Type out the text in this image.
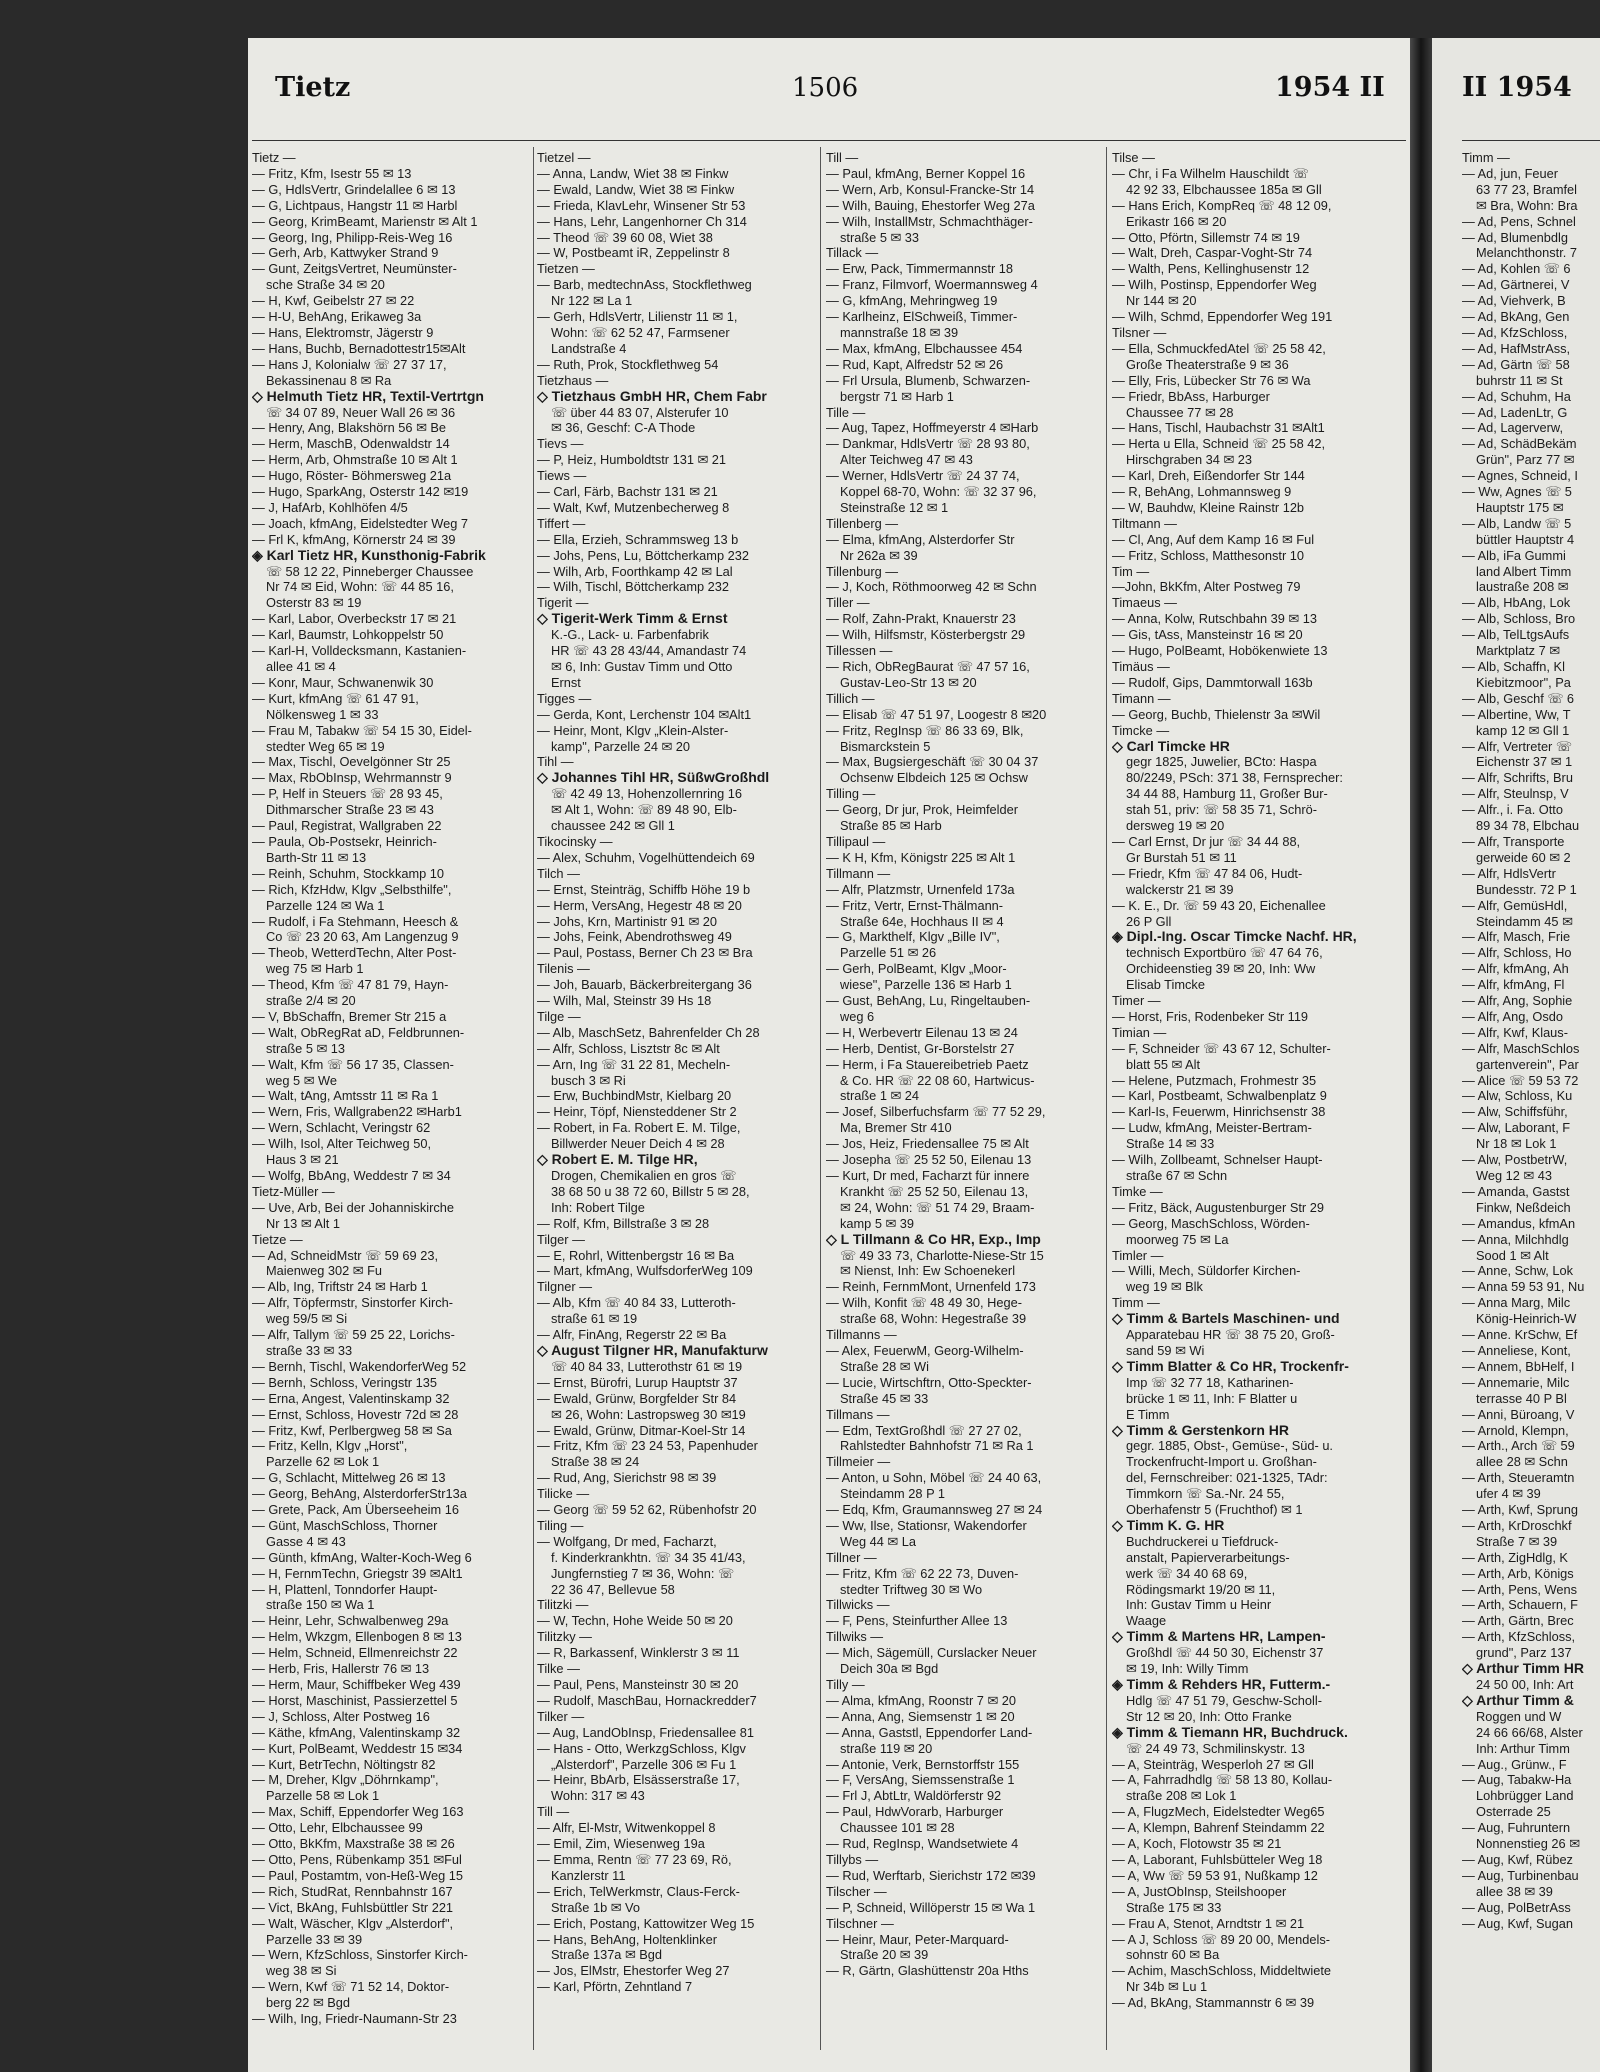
Tietz	1506	1954 II	II 1954
Tietz —
— Fritz, Kfm, Isestr 55 ✉ 13
— G, HdlsVertr, Grindelallee 6 ✉ 13
— G, Lichtpaus, Hangstr 11 ✉ Harbl
— Georg, KrimBeamt, Marienstr ✉ Alt 1
— Georg, Ing, Philipp-Reis-Weg 16
— Gerh, Arb, Kattwyker Strand 9
— Gunt, ZeitgsVertret, Neumünster-
sche Straße 34 ✉ 20
— H, Kwf, Geibelstr 27 ✉ 22
— H-U, BehAng, Erikaweg 3a
— Hans, Elektromstr, Jägerstr 9
— Hans, Buchb, Bernadottestr15✉Alt
— Hans J, Kolonialw ☏ 27 37 17,
Bekassinenau 8 ✉ Ra
◇ Helmuth Tietz HR, Textil-Vertrtgn
☏ 34 07 89, Neuer Wall 26 ✉ 36
— Henry, Ang, Blakshörn 56 ✉ Be
— Herm, MaschB, Odenwaldstr 14
— Herm, Arb, Ohmstraße 10 ✉ Alt 1
— Hugo, Röster- Böhmersweg 21a
— Hugo, SparkAng, Osterstr 142 ✉19
— J, HafArb, Kohlhöfen 4/5
— Joach, kfmAng, Eidelstedter Weg 7
— Frl K, kfmAng, Körnerstr 24 ✉ 39
◈ Karl Tietz HR, Kunsthonig-Fabrik
☏ 58 12 22, Pinneberger Chaussee
Nr 74 ✉ Eid, Wohn: ☏ 44 85 16,
Osterstr 83 ✉ 19
— Karl, Labor, Overbeckstr 17 ✉ 21
— Karl, Baumstr, Lohkoppelstr 50
— Karl-H, Volldecksmann, Kastanien-
allee 41 ✉ 4
— Konr, Maur, Schwanenwik 30
— Kurt, kfmAng ☏ 61 47 91,
Nölkensweg 1 ✉ 33
— Frau M, Tabakw ☏ 54 15 30, Eidel-
stedter Weg 65 ✉ 19
— Max, Tischl, Oevelgönner Str 25
— Max, RbObInsp, Wehrmannstr 9
— P, Helf in Steuers ☏ 28 93 45,
Dithmarscher Straße 23 ✉ 43
— Paul, Registrat, Wallgraben 22
— Paula, Ob-Postsekr, Heinrich-
Barth-Str 11 ✉ 13
— Reinh, Schuhm, Stockkamp 10
— Rich, KfzHdw, Klgv „Selbsthilfe",
Parzelle 124 ✉ Wa 1
— Rudolf, i Fa Stehmann, Heesch &
Co ☏ 23 20 63, Am Langenzug 9
— Theob, WetterdTechn, Alter Post-
weg 75 ✉ Harb 1
— Theod, Kfm ☏ 47 81 79, Hayn-
straße 2/4 ✉ 20
— V, BbSchaffn, Bremer Str 215 a
— Walt, ObRegRat aD, Feldbrunnen-
straße 5 ✉ 13
— Walt, Kfm ☏ 56 17 35, Classen-
weg 5 ✉ We
— Walt, tAng, Amtsstr 11 ✉ Ra 1
— Wern, Fris, Wallgraben22 ✉Harb1
— Wern, Schlacht, Veringstr 62
— Wilh, Isol, Alter Teichweg 50,
Haus 3 ✉ 21
— Wolfg, BbAng, Weddestr 7 ✉ 34
Tietz-Müller —
— Uve, Arb, Bei der Johanniskirche
Nr 13 ✉ Alt 1
Tietze —
— Ad, SchneidMstr ☏ 59 69 23,
Maienweg 302 ✉ Fu
— Alb, Ing, Triftstr 24 ✉ Harb 1
— Alfr, Töpfermstr, Sinstorfer Kirch-
weg 59/5 ✉ Si
— Alfr, Tallym ☏ 59 25 22, Lorichs-
straße 33 ✉ 33
— Bernh, Tischl, WakendorferWeg 52
— Bernh, Schloss, Veringstr 135
— Erna, Angest, Valentinskamp 32
— Ernst, Schloss, Hovestr 72d ✉ 28
— Fritz, Kwf, Perlbergweg 58 ✉ Sa
— Fritz, Kelln, Klgv „Horst",
Parzelle 62 ✉ Lok 1
— G, Schlacht, Mittelweg 26 ✉ 13
— Georg, BehAng, AlsterdorferStr13a
— Grete, Pack, Am Überseeheim 16
— Günt, MaschSchloss, Thorner
Gasse 4 ✉ 43
— Günth, kfmAng, Walter-Koch-Weg 6
— H, FernmTechn, Griegstr 39 ✉Alt1
— H, Plattenl, Tonndorfer Haupt-
straße 150 ✉ Wa 1
— Heinr, Lehr, Schwalbenweg 29a
— Helm, Wkzgm, Ellenbogen 8 ✉ 13
— Helm, Schneid, Ellmenreichstr 22
— Herb, Fris, Hallerstr 76 ✉ 13
— Herm, Maur, Schiffbeker Weg 439
— Horst, Maschinist, Passierzettel 5
— J, Schloss, Alter Postweg 16
— Käthe, kfmAng, Valentinskamp 32
— Kurt, PolBeamt, Weddestr 15 ✉34
— Kurt, BetrTechn, Nöltingstr 82
— M, Dreher, Klgv „Döhrnkamp",
Parzelle 58 ✉ Lok 1
— Max, Schiff, Eppendorfer Weg 163
— Otto, Lehr, Elbchaussee 99
— Otto, BkKfm, Maxstraße 38 ✉ 26
— Otto, Pens, Rübenkamp 351 ✉Ful
— Paul, Postamtm, von-Heß-Weg 15
— Rich, StudRat, Rennbahnstr 167
— Vict, BkAng, Fuhlsbüttler Str 221
— Walt, Wäscher, Klgv „Alsterdorf",
Parzelle 33 ✉ 39
— Wern, KfzSchloss, Sinstorfer Kirch-
weg 38 ✉ Si
— Wern, Kwf ☏ 71 52 14, Doktor-
berg 22 ✉ Bgd
— Wilh, Ing, Friedr-Naumann-Str 23
Tietzel —
— Anna, Landw, Wiet 38 ✉ Finkw
— Ewald, Landw, Wiet 38 ✉ Finkw
— Frieda, KlavLehr, Winsener Str 53
— Hans, Lehr, Langenhorner Ch 314
— Theod ☏ 39 60 08, Wiet 38
— W, Postbeamt iR, Zeppelinstr 8
Tietzen —
— Barb, medtechnAss, Stockflethweg
Nr 122 ✉ La 1
— Gerh, HdlsVertr, Lilienstr 11 ✉ 1,
Wohn: ☏ 62 52 47, Farmsener
Landstraße 4
— Ruth, Prok, Stockflethweg 54
Tietzhaus —
◇ Tietzhaus GmbH HR, Chem Fabr
☏ über 44 83 07, Alsterufer 10
✉ 36, Geschf: C-A Thode
Tievs —
— P, Heiz, Humboldtstr 131 ✉ 21
Tiews —
— Carl, Färb, Bachstr 131 ✉ 21
— Walt, Kwf, Mutzenbecherweg 8
Tiffert —
— Ella, Erzieh, Schrammsweg 13 b
— Johs, Pens, Lu, Böttcherkamp 232
— Wilh, Arb, Foorthkamp 42 ✉ Lal
— Wilh, Tischl, Böttcherkamp 232
Tigerit —
◇ Tigerit-Werk Timm & Ernst
K.-G., Lack- u. Farbenfabrik
HR ☏ 43 28 43/44, Amandastr 74
✉ 6, Inh: Gustav Timm und Otto
Ernst
Tigges —
— Gerda, Kont, Lerchenstr 104 ✉Alt1
— Heinr, Mont, Klgv „Klein-Alster-
kamp", Parzelle 24 ✉ 20
Tihl —
◇ Johannes Tihl HR, SüßwGroßhdl
☏ 42 49 13, Hohenzollernring 16
✉ Alt 1, Wohn: ☏ 89 48 90, Elb-
chaussee 242 ✉ Gll 1
Tikocinsky —
— Alex, Schuhm, Vogelhüttendeich 69
Tilch —
— Ernst, Steinträg, Schiffb Höhe 19 b
— Herm, VersAng, Hegestr 48 ✉ 20
— Johs, Krn, Martinistr 91 ✉ 20
— Johs, Feink, Abendrothsweg 49
— Paul, Postass, Berner Ch 23 ✉ Bra
Tilenis —
— Joh, Bauarb, Bäckerbreitergang 36
— Wilh, Mal, Steinstr 39 Hs 18
Tilge —
— Alb, MaschSetz, Bahrenfelder Ch 28
— Alfr, Schloss, Lisztstr 8c ✉ Alt
— Arn, Ing ☏ 31 22 81, Mecheln-
busch 3 ✉ Ri
— Erw, BuchbindMstr, Kielbarg 20
— Heinr, Töpf, Niensteddener Str 2
— Robert, in Fa. Robert E. M. Tilge,
Billwerder Neuer Deich 4 ✉ 28
◇ Robert E. M. Tilge HR,
Drogen, Chemikalien en gros ☏
38 68 50 u 38 72 60, Billstr 5 ✉ 28,
Inh: Robert Tilge
— Rolf, Kfm, Billstraße 3 ✉ 28
Tilger —
— E, Rohrl, Wittenbergstr 16 ✉ Ba
— Mart, kfmAng, WulfsdorferWeg 109
Tilgner —
— Alb, Kfm ☏ 40 84 33, Lutteroth-
straße 61 ✉ 19
— Alfr, FinAng, Regerstr 22 ✉ Ba
◇ August Tilgner HR, Manufakturw
☏ 40 84 33, Lutterothstr 61 ✉ 19
— Ernst, Bürofri, Lurup Hauptstr 37
— Ewald, Grünw, Borgfelder Str 84
✉ 26, Wohn: Lastropsweg 30 ✉19
— Ewald, Grünw, Ditmar-Koel-Str 14
— Fritz, Kfm ☏ 23 24 53, Papenhuder
Straße 38 ✉ 24
— Rud, Ang, Sierichstr 98 ✉ 39
Tilicke —
— Georg ☏ 59 52 62, Rübenhofstr 20
Tiling —
— Wolfgang, Dr med, Facharzt,
f. Kinderkrankhtn. ☏ 34 35 41/43,
Jungfernstieg 7 ✉ 36, Wohn: ☏
22 36 47, Bellevue 58
Tilitzki —
— W, Techn, Hohe Weide 50 ✉ 20
Tilitzky —
— R, Barkassenf, Winklerstr 3 ✉ 11
Tilke —
— Paul, Pens, Mansteinstr 30 ✉ 20
— Rudolf, MaschBau, Hornackredder7
Tilker —
— Aug, LandObInsp, Friedensallee 81
— Hans - Otto, WerkzgSchloss, Klgv
„Alsterdorf", Parzelle 306 ✉ Fu 1
— Heinr, BbArb, Elsässerstraße 17,
Wohn: 317 ✉ 43
Till —
— Alfr, El-Mstr, Witwenkoppel 8
— Emil, Zim, Wiesenweg 19a
— Emma, Rentn ☏ 77 23 69, Rö,
Kanzlerstr 11
— Erich, TelWerkmstr, Claus-Ferck-
Straße 1b ✉ Vo
— Erich, Postang, Kattowitzer Weg 15
— Hans, BehAng, Holtenklinker
Straße 137a ✉ Bgd
— Jos, ElMstr, Ehestorfer Weg 27
— Karl, Pförtn, Zehntland 7
Till —
— Paul, kfmAng, Berner Koppel 16
— Wern, Arb, Konsul-Francke-Str 14
— Wilh, Bauing, Ehestorfer Weg 27a
— Wilh, InstallMstr, Schmachthäger-
straße 5 ✉ 33
Tillack —
— Erw, Pack, Timmermannstr 18
— Franz, Filmvorf, Woermannsweg 4
— G, kfmAng, Mehringweg 19
— Karlheinz, ElSchweiß, Timmer-
mannstraße 18 ✉ 39
— Max, kfmAng, Elbchaussee 454
— Rud, Kapt, Alfredstr 52 ✉ 26
— Frl Ursula, Blumenb, Schwarzen-
bergstr 71 ✉ Harb 1
Tille —
— Aug, Tapez, Hoffmeyerstr 4 ✉Harb
— Dankmar, HdlsVertr ☏ 28 93 80,
Alter Teichweg 47 ✉ 43
— Werner, HdlsVertr ☏ 24 37 74,
Koppel 68-70, Wohn: ☏ 32 37 96,
Steinstraße 12 ✉ 1
Tillenberg —
— Elma, kfmAng, Alsterdorfer Str
Nr 262a ✉ 39
Tillenburg —
— J, Koch, Röthmoorweg 42 ✉ Schn
Tiller —
— Rolf, Zahn-Prakt, Knauerstr 23
— Wilh, Hilfsmstr, Kösterbergstr 29
Tillessen —
— Rich, ObRegBaurat ☏ 47 57 16,
Gustav-Leo-Str 13 ✉ 20
Tillich —
— Elisab ☏ 47 51 97, Loogestr 8 ✉20
— Fritz, RegInsp ☏ 86 33 69, Blk,
Bismarckstein 5
— Max, Bugsiergeschäft ☏ 30 04 37
Ochsenw Elbdeich 125 ✉ Ochsw
Tilling —
— Georg, Dr jur, Prok, Heimfelder
Straße 85 ✉ Harb
Tillipaul —
— K H, Kfm, Königstr 225 ✉ Alt 1
Tillmann —
— Alfr, Platzmstr, Urnenfeld 173a
— Fritz, Vertr, Ernst-Thälmann-
Straße 64e, Hochhaus II ✉ 4
— G, Markthelf, Klgv „Bille IV",
Parzelle 51 ✉ 26
— Gerh, PolBeamt, Klgv „Moor-
wiese", Parzelle 136 ✉ Harb 1
— Gust, BehAng, Lu, Ringeltauben-
weg 6
— H, Werbevertr Eilenau 13 ✉ 24
— Herb, Dentist, Gr-Borstelstr 27
— Herm, i Fa Stauereibetrieb Paetz
& Co. HR ☏ 22 08 60, Hartwicus-
straße 1 ✉ 24
— Josef, Silberfuchsfarm ☏ 77 52 29,
Ma, Bremer Str 410
— Jos, Heiz, Friedensallee 75 ✉ Alt
— Josepha ☏ 25 52 50, Eilenau 13
— Kurt, Dr med, Facharzt für innere
Krankht ☏ 25 52 50, Eilenau 13,
✉ 24, Wohn: ☏ 51 74 29, Braam-
kamp 5 ✉ 39
◇ L Tillmann & Co HR, Exp., Imp
☏ 49 33 73, Charlotte-Niese-Str 15
✉ Nienst, Inh: Ew Schoenekerl
— Reinh, FernmMont, Urnenfeld 173
— Wilh, Konfit ☏ 48 49 30, Hege-
straße 68, Wohn: Hegestraße 39
Tillmanns —
— Alex, FeuerwM, Georg-Wilhelm-
Straße 28 ✉ Wi
— Lucie, Wirtschftrn, Otto-Speckter-
Straße 45 ✉ 33
Tillmans —
— Edm, TextGroßhdl ☏ 27 27 02,
Rahlstedter Bahnhofstr 71 ✉ Ra 1
Tillmeier —
— Anton, u Sohn, Möbel ☏ 24 40 63,
Steindamm 28 P 1
— Edq, Kfm, Graumannsweg 27 ✉ 24
— Ww, Ilse, Stationsr, Wakendorfer
Weg 44 ✉ La
Tillner —
— Fritz, Kfm ☏ 62 22 73, Duven-
stedter Triftweg 30 ✉ Wo
Tillwicks —
— F, Pens, Steinfurther Allee 13
Tillwiks —
— Mich, Sägemüll, Curslacker Neuer
Deich 30a ✉ Bgd
Tilly —
— Alma, kfmAng, Roonstr 7 ✉ 20
— Anna, Ang, Siemsenstr 1 ✉ 20
— Anna, Gaststl, Eppendorfer Land-
straße 119 ✉ 20
— Antonie, Verk, Bernstorffstr 155
— F, VersAng, Siemssenstraße 1
— Frl J, AbtLtr, Waldörferstr 92
— Paul, HdwVorarb, Harburger
Chaussee 101 ✉ 28
— Rud, RegInsp, Wandsetwiete 4
Tillybs —
— Rud, Werftarb, Sierichstr 172 ✉39
Tilscher —
— P, Schneid, Willöperstr 15 ✉ Wa 1
Tilschner —
— Heinr, Maur, Peter-Marquard-
Straße 20 ✉ 39
— R, Gärtn, Glashüttenstr 20a Hths
Tilse —
— Chr, i Fa Wilhelm Hauschildt ☏
42 92 33, Elbchaussee 185a ✉ Gll
— Hans Erich, KompReq ☏ 48 12 09,
Erikastr 166 ✉ 20
— Otto, Pförtn, Sillemstr 74 ✉ 19
— Walt, Dreh, Caspar-Voght-Str 74
— Walth, Pens, Kellinghusenstr 12
— Wilh, Postinsp, Eppendorfer Weg
Nr 144 ✉ 20
— Wilh, Schmd, Eppendorfer Weg 191
Tilsner —
— Ella, SchmuckfedAtel ☏ 25 58 42,
Große Theaterstraße 9 ✉ 36
— Elly, Fris, Lübecker Str 76 ✉ Wa
— Friedr, BbAss, Harburger
Chaussee 77 ✉ 28
— Hans, Tischl, Haubachstr 31 ✉Alt1
— Herta u Ella, Schneid ☏ 25 58 42,
Hirschgraben 34 ✉ 23
— Karl, Dreh, Eißendorfer Str 144
— R, BehAng, Lohmannsweg 9
— W, Bauhdw, Kleine Rainstr 12b
Tiltmann —
— Cl, Ang, Auf dem Kamp 16 ✉ Ful
— Fritz, Schloss, Matthesonstr 10
Tim —
—John, BkKfm, Alter Postweg 79
Timaeus —
— Anna, Kolw, Rutschbahn 39 ✉ 13
— Gis, tAss, Mansteinstr 16 ✉ 20
— Hugo, PolBeamt, Hobökenwiete 13
Timäus —
— Rudolf, Gips, Dammtorwall 163b
Timann —
— Georg, Buchb, Thielenstr 3a ✉Wil
Timcke —
◇ Carl Timcke HR
gegr 1825, Juwelier, BCto: Haspa
80/2249, PSch: 371 38, Fernsprecher:
34 44 88, Hamburg 11, Großer Bur-
stah 51, priv: ☏ 58 35 71, Schrö-
dersweg 19 ✉ 20
— Carl Ernst, Dr jur ☏ 34 44 88,
Gr Burstah 51 ✉ 11
— Friedr, Kfm ☏ 47 84 06, Hudt-
walckerstr 21 ✉ 39
— K. E., Dr. ☏ 59 43 20, Eichenallee
26 P Gll
◈ Dipl.-Ing. Oscar Timcke Nachf. HR,
technisch Exportbüro ☏ 47 64 76,
Orchideenstieg 39 ✉ 20, Inh: Ww
Elisab Timcke
Timer —
— Horst, Fris, Rodenbeker Str 119
Timian —
— F, Schneider ☏ 43 67 12, Schulter-
blatt 55 ✉ Alt
— Helene, Putzmach, Frohmestr 35
— Karl, Postbeamt, Schwalbenplatz 9
— Karl-Is, Feuerwm, Hinrichsenstr 38
— Ludw, kfmAng, Meister-Bertram-
Straße 14 ✉ 33
— Wilh, Zollbeamt, Schnelser Haupt-
straße 67 ✉ Schn
Timke —
— Fritz, Bäck, Augustenburger Str 29
— Georg, MaschSchloss, Wörden-
moorweg 75 ✉ La
Timler —
— Willi, Mech, Süldorfer Kirchen-
weg 19 ✉ Blk
Timm —
◇ Timm & Bartels Maschinen- und
Apparatebau HR ☏ 38 75 20, Groß-
sand 59 ✉ Wi
◇ Timm Blatter & Co HR, Trockenfr-
Imp ☏ 32 77 18, Katharinen-
brücke 1 ✉ 11, Inh: F Blatter u
E Timm
◇ Timm & Gerstenkorn HR
gegr. 1885, Obst-, Gemüse-, Süd- u.
Trockenfrucht-Import u. Großhan-
del, Fernschreiber: 021-1325, TAdr:
Timmkorn ☏ Sa.-Nr. 24 55,
Oberhafenstr 5 (Fruchthof) ✉ 1
◇ Timm K. G. HR
Buchdruckerei u Tiefdruck-
anstalt, Papierverarbeitungs-
werk ☏ 34 40 68 69,
Rödingsmarkt 19/20 ✉ 11,
Inh: Gustav Timm u Heinr
Waage
◇ Timm & Martens HR, Lampen-
Großhdl ☏ 44 50 30, Eichenstr 37
✉ 19, Inh: Willy Timm
◈ Timm & Rehders HR, Futterm.-
Hdlg ☏ 47 51 79, Geschw-Scholl-
Str 12 ✉ 20, Inh: Otto Franke
◈ Timm & Tiemann HR, Buchdruck.
☏ 24 49 73, Schmilinskystr. 13
— A, Steinträg, Wesperloh 27 ✉ Gll
— A, Fahrradhdlg ☏ 58 13 80, Kollau-
straße 208 ✉ Lok 1
— A, FlugzMech, Eidelstedter Weg65
— A, Klempn, Bahrenf Steindamm 22
— A, Koch, Flotowstr 35 ✉ 21
— A, Laborant, Fuhlsbütteler Weg 18
— A, Ww ☏ 59 53 91, Nußkamp 12
— A, JustObInsp, Steilshooper
Straße 175 ✉ 33
— Frau A, Stenot, Arndtstr 1 ✉ 21
— A J, Schloss ☏ 89 20 00, Mendels-
sohnstr 60 ✉ Ba
— Achim, MaschSchloss, Middeltwiete
Nr 34b ✉ Lu 1
— Ad, BkAng, Stammannstr 6 ✉ 39
Timm —
— Ad, jun, Feuer
63 77 23, Bramfel
✉ Bra, Wohn: Bra
— Ad, Pens, Schnel
— Ad, Blumenbdlg
Melanchthonstr. 7
— Ad, Kohlen ☏ 6
— Ad, Gärtnerei, V
— Ad, Viehverk, B
— Ad, BkAng, Gen
— Ad, KfzSchloss,
— Ad, HafMstrAss,
— Ad, Gärtn ☏ 58
buhrstr 11 ✉ St
— Ad, Schuhm, Ha
— Ad, LadenLtr, G
— Ad, Lagerverw,
— Ad, SchädBekäm
Grün", Parz 77 ✉
— Agnes, Schneid, I
— Ww, Agnes ☏ 5
Hauptstr 175 ✉
— Alb, Landw ☏ 5
büttler Hauptstr 4
— Alb, iFa Gummi
land Albert Timm
laustraße 208 ✉
— Alb, HbAng, Lok
— Alb, Schloss, Bro
— Alb, TelLtgsAufs
Marktplatz 7 ✉
— Alb, Schaffn, Kl
Kiebitzmoor", Pa
— Alb, Geschf ☏ 6
— Albertine, Ww, T
kamp 12 ✉ Gll 1
— Alfr, Vertreter ☏
Eichenstr 37 ✉ 1
— Alfr, Schrifts, Bru
— Alfr, Steulnsp, V
— Alfr., i. Fa. Otto
89 34 78, Elbchau
— Alfr, Transporte
gerweide 60 ✉ 2
— Alfr, HdlsVertr
Bundesstr. 72 P 1
— Alfr, GemüsHdl,
Steindamm 45 ✉
— Alfr, Masch, Frie
— Alfr, Schloss, Ho
— Alfr, kfmAng, Ah
— Alfr, kfmAng, Fl
— Alfr, Ang, Sophie
— Alfr, Ang, Osdo
— Alfr, Kwf, Klaus-
— Alfr, MaschSchlos
gartenverein", Par
— Alice ☏ 59 53 72
— Alw, Schloss, Ku
— Alw, Schiffsführ,
— Alw, Laborant, F
Nr 18 ✉ Lok 1
— Alw, PostbetrW,
Weg 12 ✉ 43
— Amanda, Gastst
Finkw, Neßdeich
— Amandus, kfmAn
— Anna, Milchhdlg
Sood 1 ✉ Alt
— Anne, Schw, Lok
— Anna 59 53 91, Nu
— Anna Marg, Milc
König-Heinrich-W
— Anne. KrSchw, Ef
— Anneliese, Kont,
— Annem, BbHelf, I
— Annemarie, Milc
terrasse 40 P Bl
— Anni, Büroang, V
— Arnold, Klempn,
— Arth., Arch ☏ 59
allee 28 ✉ Schn
— Arth, Steueramtn
ufer 4 ✉ 39
— Arth, Kwf, Sprung
— Arth, KrDroschkf
Straße 7 ✉ 39
— Arth, ZigHdlg, K
— Arth, Arb, Königs
— Arth, Pens, Wens
— Arth, Schauern, F
— Arth, Gärtn, Brec
— Arth, KfzSchloss,
grund", Parz 137
◇ Arthur Timm HR
24 50 00, Inh: Art
◇ Arthur Timm &
Roggen und W
24 66 66/68, Alster
Inh: Arthur Timm
— Aug., Grünw., F
— Aug, Tabakw-Ha
Lohbrügger Land
Osterrade 25
— Aug, Fuhruntern
Nonnenstieg 26 ✉
— Aug, Kwf, Rübez
— Aug, Turbinenbau
allee 38 ✉ 39
— Aug, PolBetrAss
— Aug, Kwf, Sugan
